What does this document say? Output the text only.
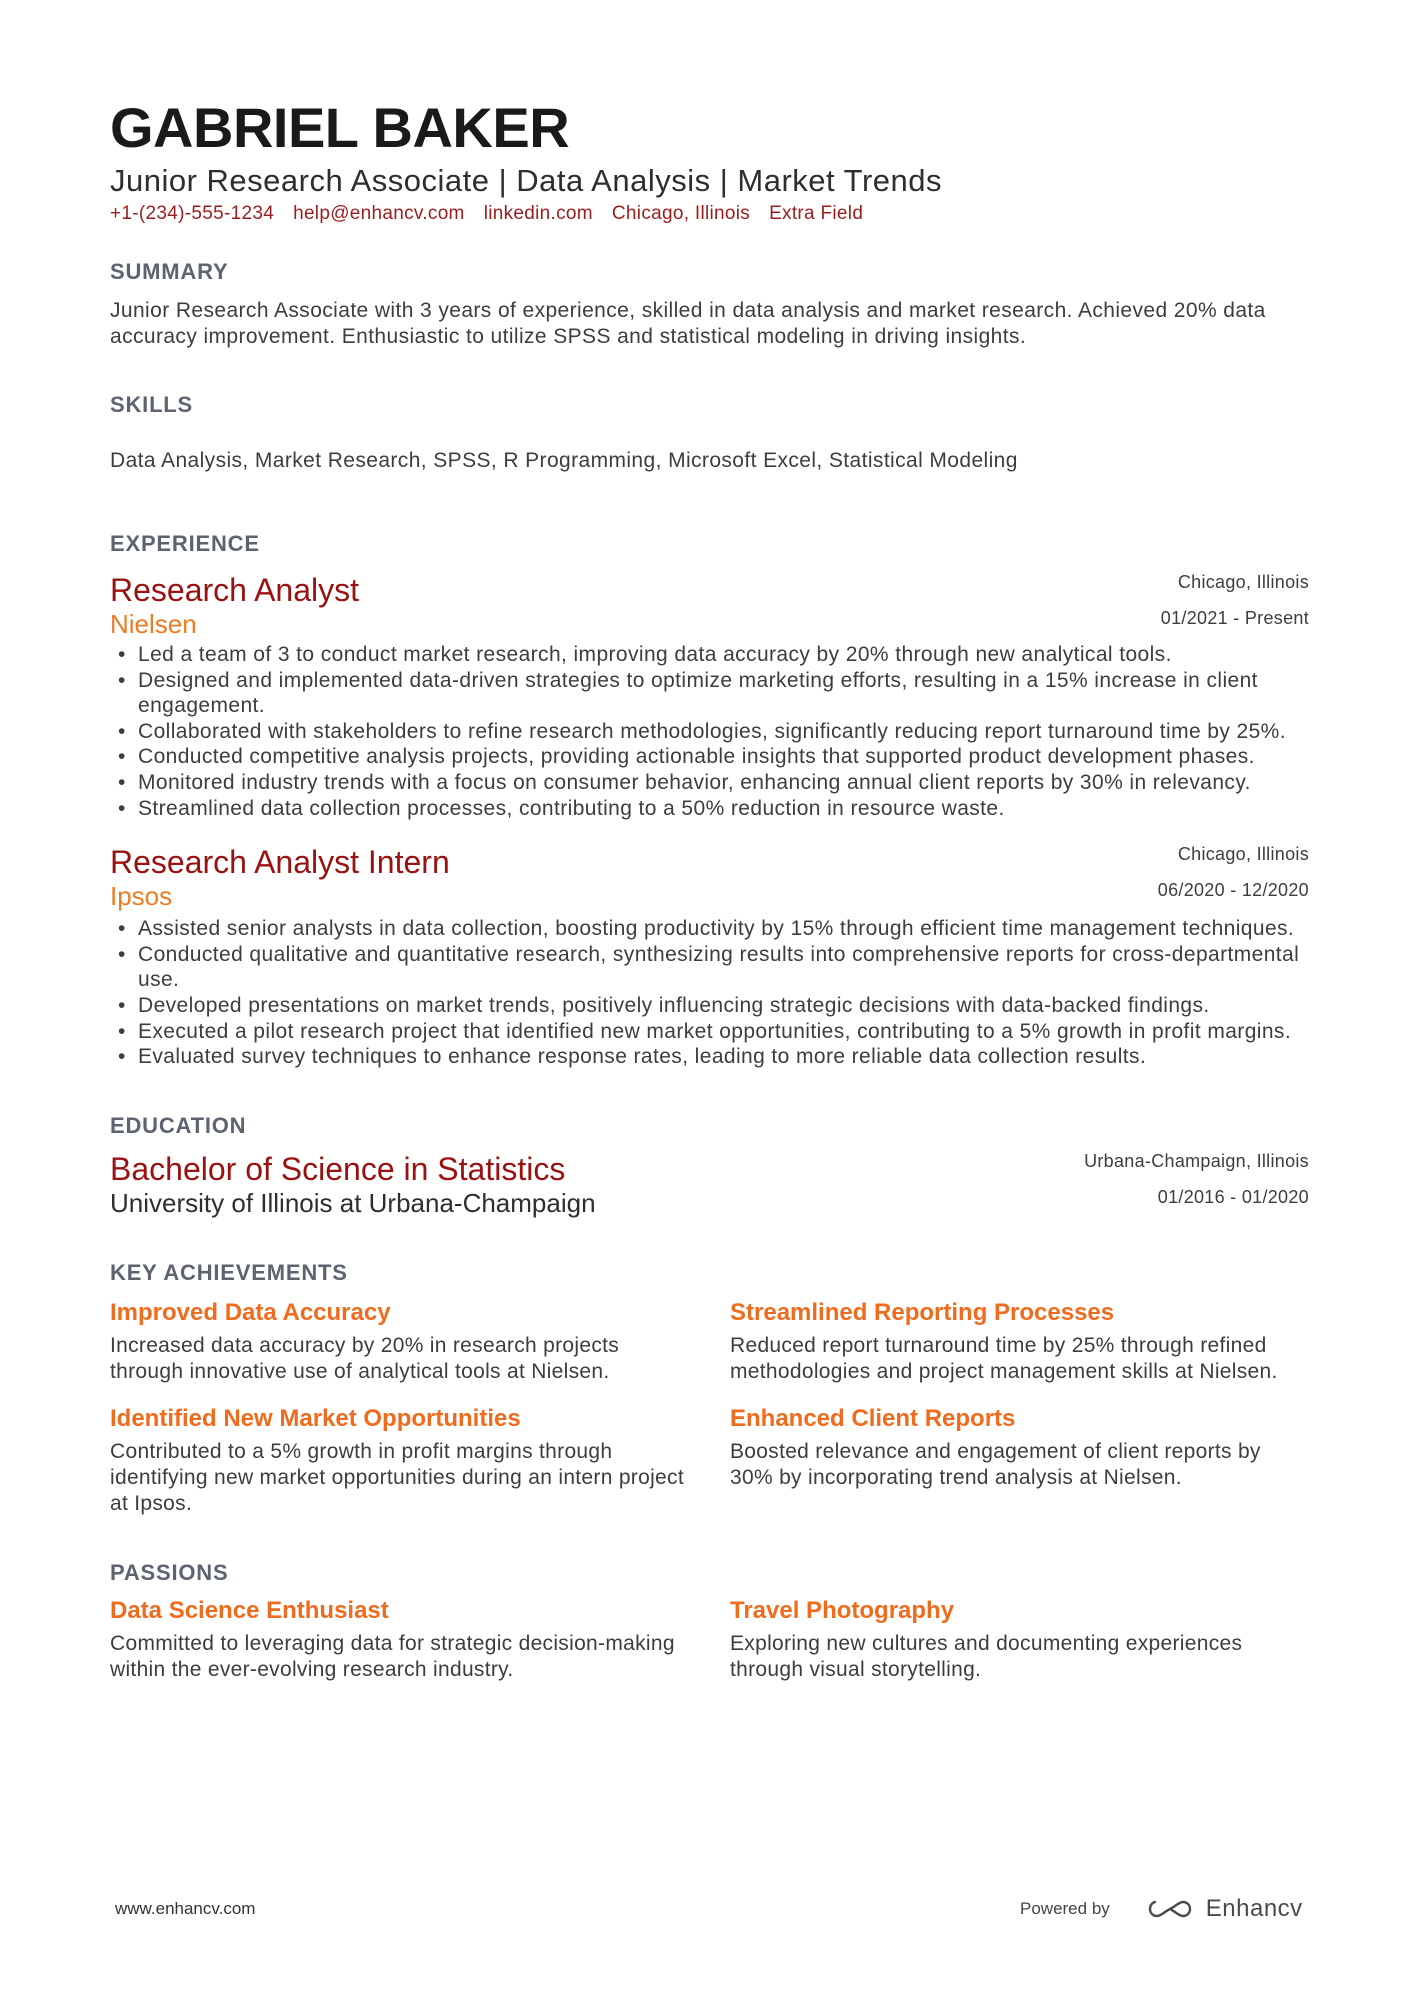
GABRIEL BAKER
Junior Research Associate | Data Analysis | Market Trends
+1-(234)-555-1234 help@enhancv.com linkedin.com Chicago, Illinois Extra Field
SUMMARY
Junior Research Associate with 3 years of experience, skilled in data analysis and market research. Achieved 20% data accuracy improvement. Enthusiastic to utilize SPSS and statistical modeling in driving insights.
SKILLS
Data Analysis, Market Research, SPSS, R Programming, Microsoft Excel, Statistical Modeling
EXPERIENCE
Research Analyst
Nielsen
Chicago, Illinois
01/2021 - Present
• Led a team of 3 to conduct market research, improving data accuracy by 20% through new analytical tools.
• Designed and implemented data-driven strategies to optimize marketing efforts, resulting in a 15% increase in client engagement.
• Collaborated with stakeholders to refine research methodologies, significantly reducing report turnaround time by 25%.
• Conducted competitive analysis projects, providing actionable insights that supported product development phases.
• Monitored industry trends with a focus on consumer behavior, enhancing annual client reports by 30% in relevancy.
• Streamlined data collection processes, contributing to a 50% reduction in resource waste.
Research Analyst Intern
Ipsos
Chicago, Illinois
06/2020 - 12/2020
• Assisted senior analysts in data collection, boosting productivity by 15% through efficient time management techniques.
• Conducted qualitative and quantitative research, synthesizing results into comprehensive reports for cross-departmental use.
• Developed presentations on market trends, positively influencing strategic decisions with data-backed findings.
• Executed a pilot research project that identified new market opportunities, contributing to a 5% growth in profit margins.
• Evaluated survey techniques to enhance response rates, leading to more reliable data collection results.
EDUCATION
Bachelor of Science in Statistics
University of Illinois at Urbana-Champaign
Urbana-Champaign, Illinois
01/2016 - 01/2020
KEY ACHIEVEMENTS
Improved Data Accuracy
Increased data accuracy by 20% in research projects through innovative use of analytical tools at Nielsen.
Streamlined Reporting Processes
Reduced report turnaround time by 25% through refined methodologies and project management skills at Nielsen.
Identified New Market Opportunities
Contributed to a 5% growth in profit margins through identifying new market opportunities during an intern project at Ipsos.
Enhanced Client Reports
Boosted relevance and engagement of client reports by 30% by incorporating trend analysis at Nielsen.
PASSIONS
Data Science Enthusiast
Committed to leveraging data for strategic decision-making within the ever-evolving research industry.
Travel Photography
Exploring new cultures and documenting experiences through visual storytelling.
www.enhancv.com	Powered by	Enhancv
